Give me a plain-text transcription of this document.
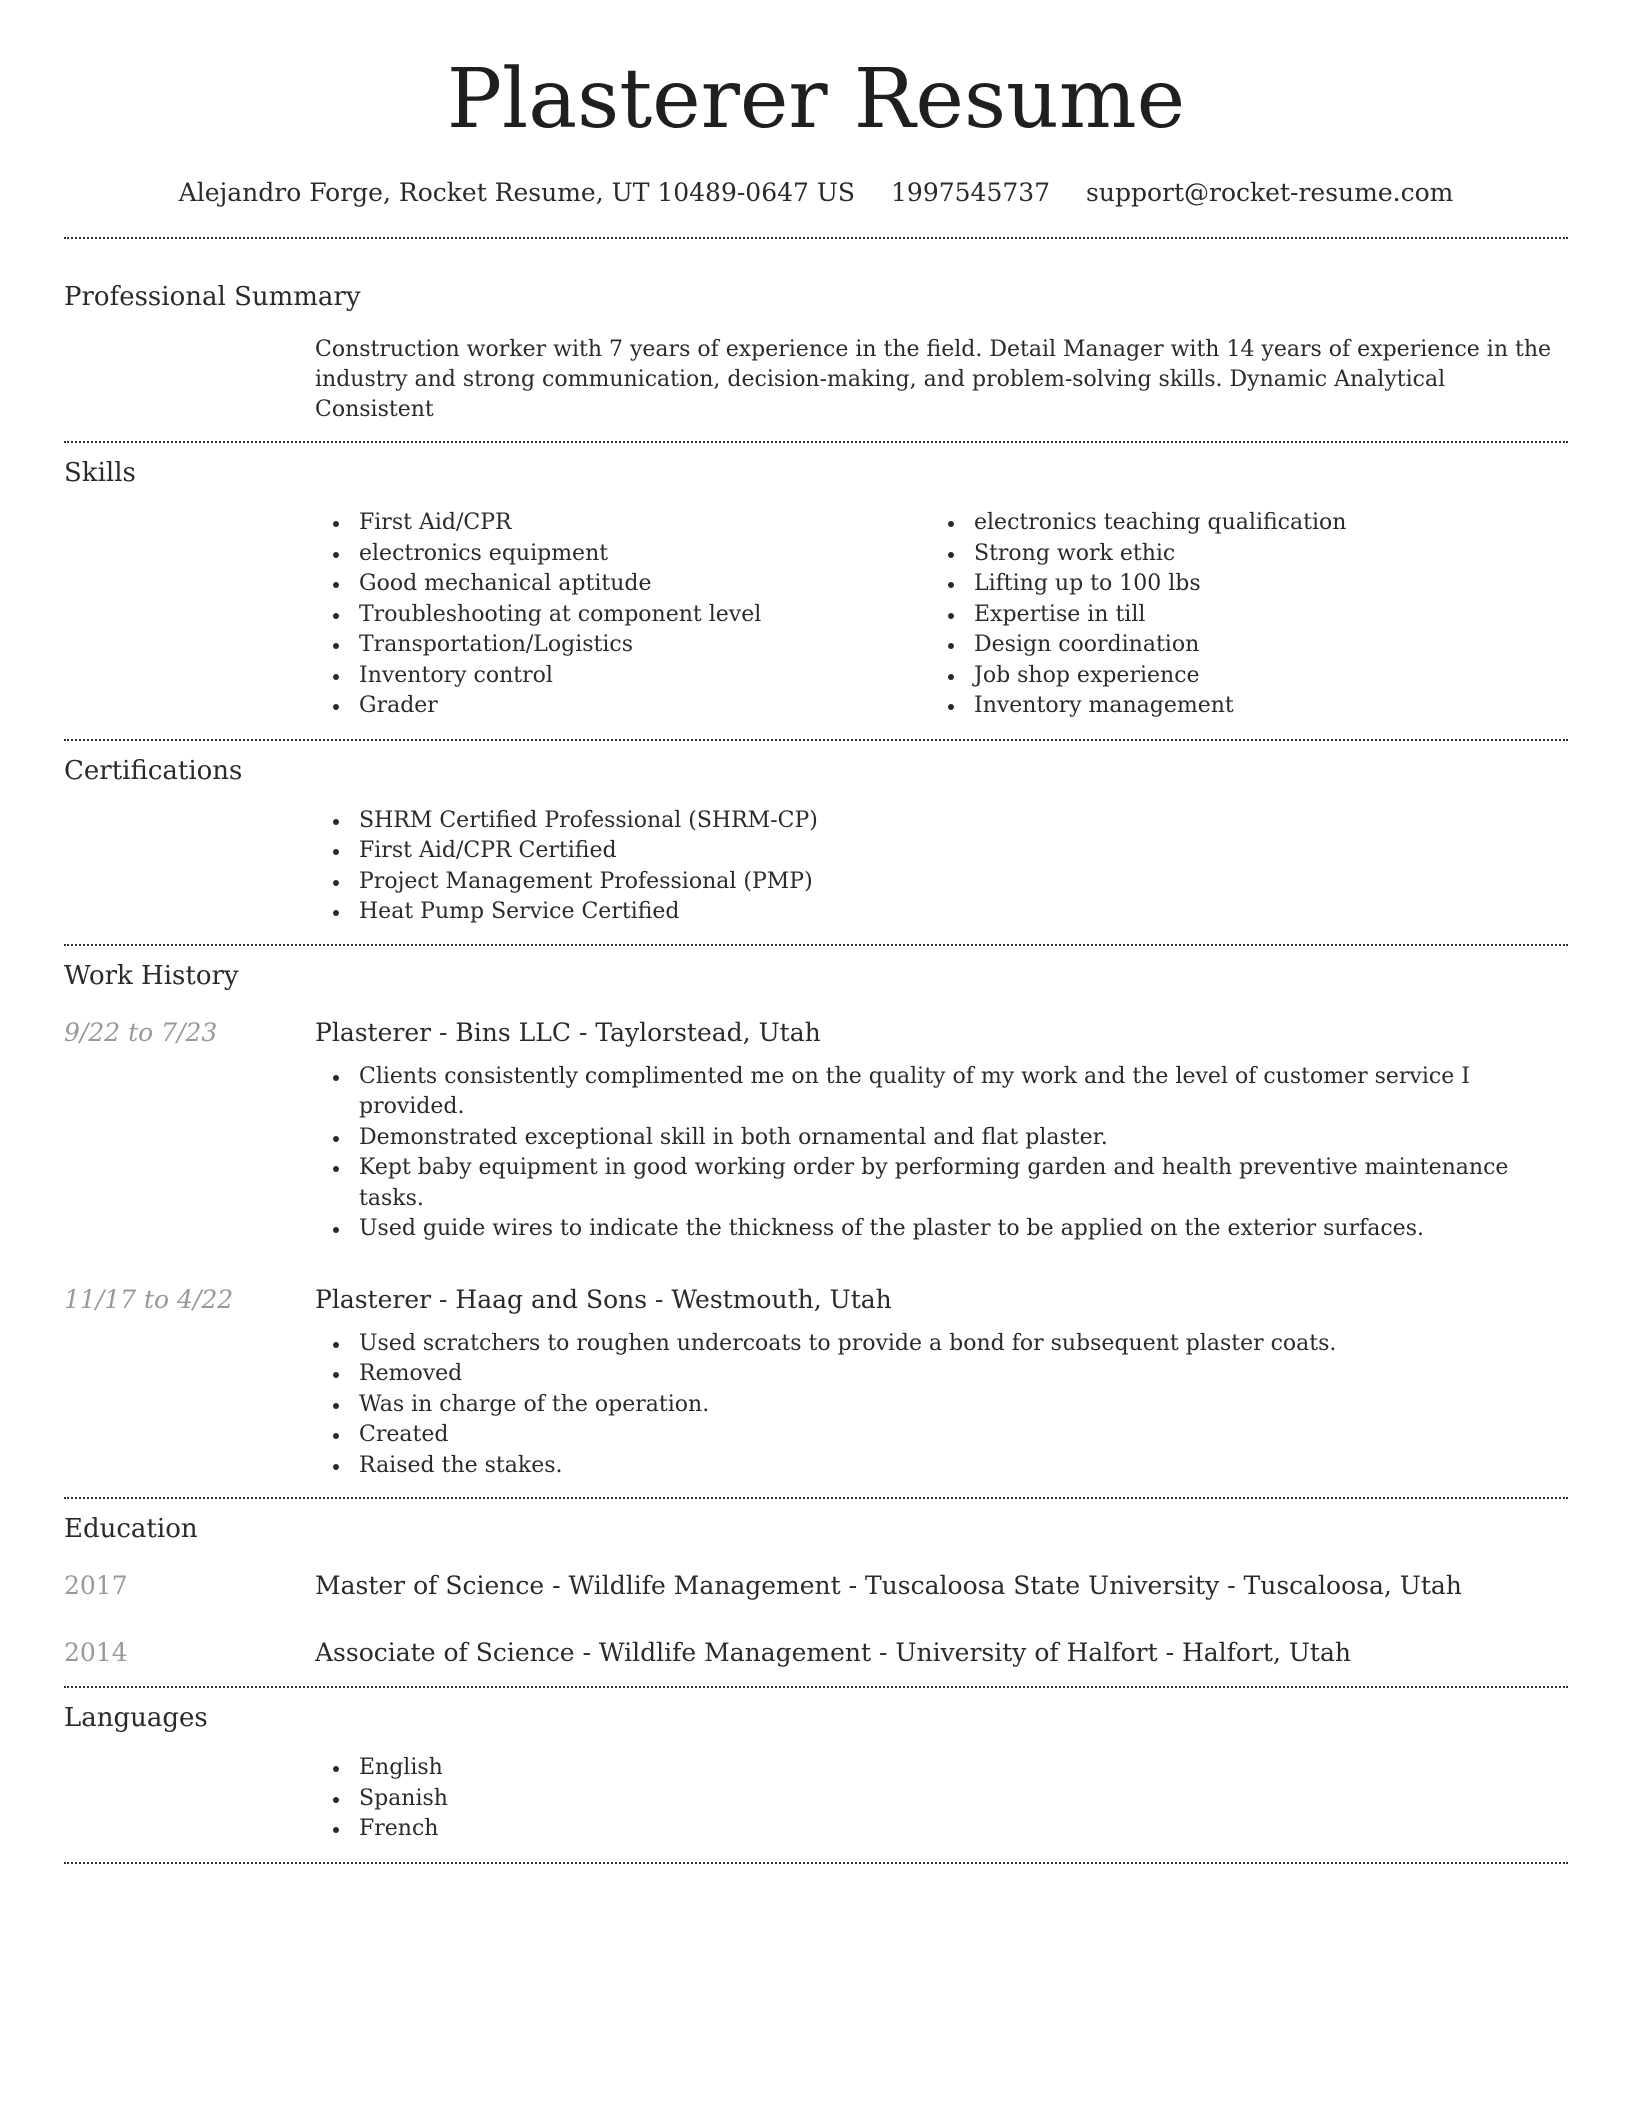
Plasterer Resume
Alejandro Forge, Rocket Resume, UT 10489-0647 US 1997545737 support@rocket-resume.com
Professional Summary

Construction worker with 7 years of experience in the field. Detail Manager with 14 years of experience in the industry and strong communication, decision-making, and problem-solving skills. Dynamic Analytical Consistent

Skills
First Aid/CPR
electronics equipment
Good mechanical aptitude
Troubleshooting at component level
Transportation/Logistics
Inventory control
Grader
electronics teaching qualification
Strong work ethic
Lifting up to 100 lbs
Expertise in till
Design coordination
Job shop experience
Inventory management
Certifications
SHRM Certified Professional (SHRM-CP)
First Aid/CPR Certified
Project Management Professional (PMP)
Heat Pump Service Certified
Work History
9/22 to 7/23	Plasterer - Bins LLC - Taylorstead, Utah
Clients consistently complimented me on the quality of my work and the level of customer service I provided.
Demonstrated exceptional skill in both ornamental and flat plaster.
Kept baby equipment in good working order by performing garden and health preventive maintenance tasks.
Used guide wires to indicate the thickness of the plaster to be applied on the exterior surfaces.
11/17 to 4/22	Plasterer - Haag and Sons - Westmouth, Utah
Used scratchers to roughen undercoats to provide a bond for subsequent plaster coats.
Removed
Was in charge of the operation.
Created
Raised the stakes.
Education
2017	Master of Science - Wildlife Management - Tuscaloosa State University - Tuscaloosa, Utah
2014	Associate of Science - Wildlife Management - University of Halfort - Halfort, Utah
Languages
English
Spanish
French
